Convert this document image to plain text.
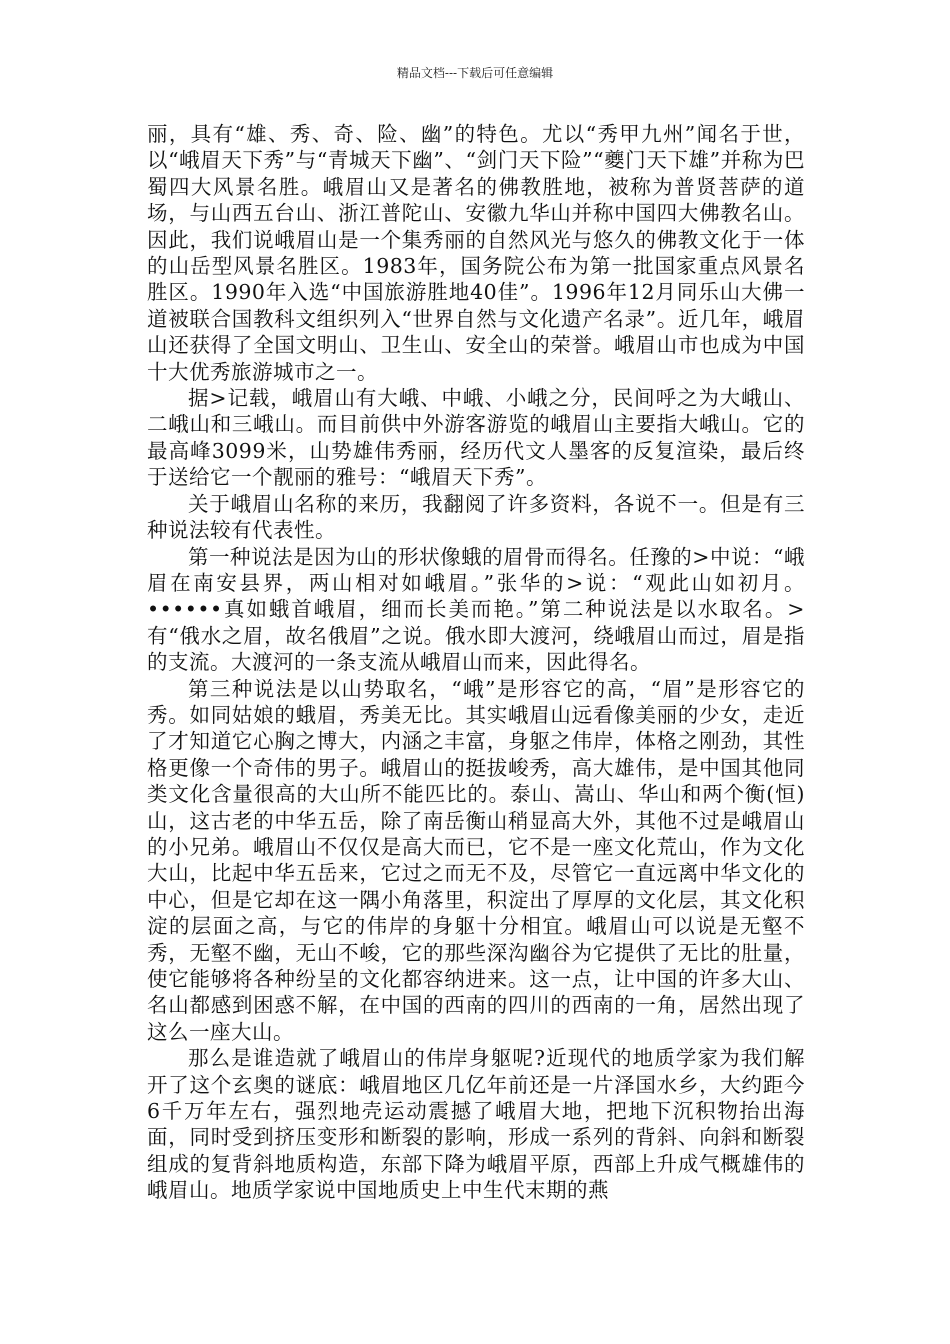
精品文档---下载后可任意编辑

丽，具有“雄、秀、奇、险、幽”的特色。尤以“秀甲九州”闻名于世，以“峨眉天下秀”与“青城天下幽”、“剑门天下险”“夔门天下雄”并称为巴蜀四大风景名胜。峨眉山又是著名的佛教胜地，被称为普贤菩萨的道场，与山西五台山、浙江普陀山、安徽九华山并称中国四大佛教名山。因此，我们说峨眉山是一个集秀丽的自然风光与悠久的佛教文化于一体的山岳型风景名胜区。1983年，国务院公布为第一批国家重点风景名胜区。1990年入选“中国旅游胜地40佳”。1996年12月同乐山大佛一道被联合国教科文组织列入“世界自然与文化遗产名录”。近几年，峨眉山还获得了全国文明山、卫生山、安全山的荣誉。峨眉山市也成为中国十大优秀旅游城市之一。

据>记载，峨眉山有大峨、中峨、小峨之分，民间呼之为大峨山、二峨山和三峨山。而目前供中外游客游览的峨眉山主要指大峨山。它的最高峰3099米，山势雄伟秀丽，经历代文人墨客的反复渲染，最后终于送给它一个靓丽的雅号：“峨眉天下秀”。

关于峨眉山名称的来历，我翻阅了许多资料，各说不一。但是有三种说法较有代表性。

第一种说法是因为山的形状像蛾的眉骨而得名。任豫的>中说：“峨眉在南安县界，两山相对如峨眉。”张华的>说：“观此山如初月。••••••真如蛾首峨眉，细而长美而艳。”第二种说法是以水取名。>有“俄水之眉，故名俄眉”之说。俄水即大渡河，绕峨眉山而过，眉是指的支流。大渡河的一条支流从峨眉山而来，因此得名。

第三种说法是以山势取名，“峨”是形容它的高，“眉”是形容它的秀。如同姑娘的蛾眉，秀美无比。其实峨眉山远看像美丽的少女，走近了才知道它心胸之博大，内涵之丰富，身躯之伟岸，体格之刚劲，其性格更像一个奇伟的男子。峨眉山的挺拔峻秀，高大雄伟，是中国其他同类文化含量很高的大山所不能匹比的。泰山、嵩山、华山和两个衡(恒)山，这古老的中华五岳，除了南岳衡山稍显高大外，其他不过是峨眉山的小兄弟。峨眉山不仅仅是高大而已，它不是一座文化荒山，作为文化大山，比起中华五岳来，它过之而无不及，尽管它一直远离中华文化的中心，但是它却在这一隅小角落里，积淀出了厚厚的文化层，其文化积淀的层面之高，与它的伟岸的身躯十分相宜。峨眉山可以说是无壑不秀，无壑不幽，无山不峻，它的那些深沟幽谷为它提供了无比的肚量，使它能够将各种纷呈的文化都容纳进来。这一点，让中国的许多大山、名山都感到困惑不解，在中国的西南的四川的西南的一角，居然出现了这么一座大山。

那么是谁造就了峨眉山的伟岸身躯呢?近现代的地质学家为我们解开了这个玄奥的谜底：峨眉地区几亿年前还是一片泽国水乡，大约距今6千万年左右，强烈地壳运动震撼了峨眉大地，把地下沉积物抬出海面，同时受到挤压变形和断裂的影响，形成一系列的背斜、向斜和断裂组成的复背斜地质构造，东部下降为峨眉平原，西部上升成气概雄伟的峨眉山。地质学家说中国地质史上中生代末期的燕
